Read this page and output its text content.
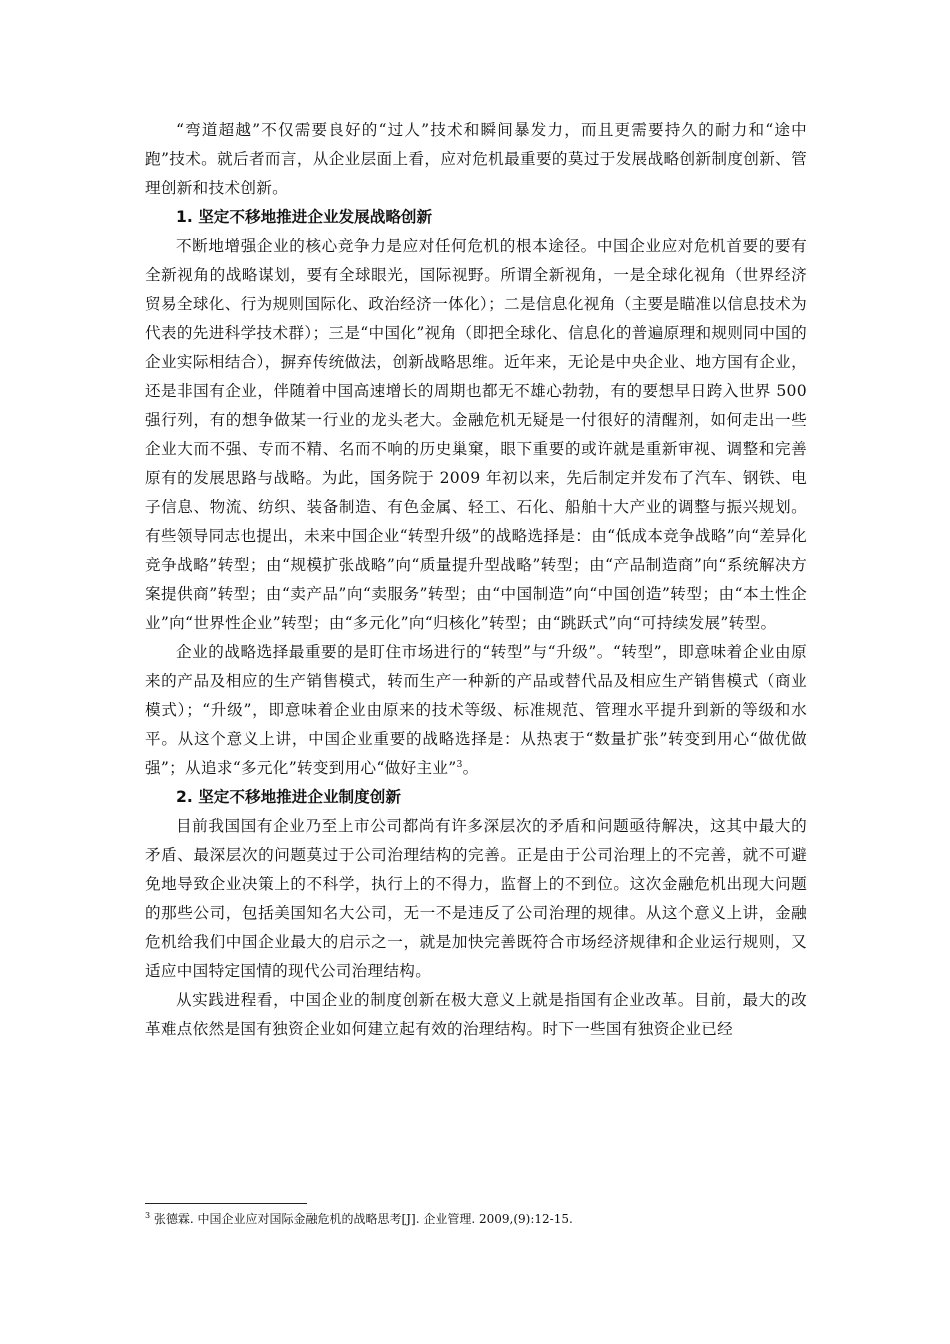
“弯道超越”不仅需要良好的“过人”技术和瞬间暴发力，而且更需要持久的耐力和“途中跑”技术。就后者而言，从企业层面上看，应对危机最重要的莫过于发展战略创新制度创新、管理创新和技术创新。

1. 坚定不移地推进企业发展战略创新

不断地增强企业的核心竞争力是应对任何危机的根本途径。中国企业应对危机首要的要有全新视角的战略谋划，要有全球眼光，国际视野。所谓全新视角，一是全球化视角（世界经济贸易全球化、行为规则国际化、政治经济一体化）；二是信息化视角（主要是瞄准以信息技术为代表的先进科学技术群）；三是“中国化”视角（即把全球化、信息化的普遍原理和规则同中国的企业实际相结合），摒弃传统做法，创新战略思维。近年来，无论是中央企业、地方国有企业，还是非国有企业，伴随着中国高速增长的周期也都无不雄心勃勃，有的要想早日跨入世界 500 强行列，有的想争做某一行业的龙头老大。金融危机无疑是一付很好的清醒剂，如何走出一些企业大而不强、专而不精、名而不响的历史巢窠，眼下重要的或许就是重新审视、调整和完善原有的发展思路与战略。为此，国务院于 2009 年初以来，先后制定并发布了汽车、钢铁、电子信息、物流、纺织、装备制造、有色金属、轻工、石化、船舶十大产业的调整与振兴规划。有些领导同志也提出，未来中国企业“转型升级”的战略选择是：由“低成本竞争战略”向“差异化竞争战略”转型；由“规模扩张战略”向“质量提升型战略”转型；由“产品制造商”向“系统解决方案提供商”转型；由“卖产品”向“卖服务”转型；由“中国制造”向“中国创造”转型；由“本土性企业”向“世界性企业”转型；由“多元化”向“归核化”转型；由“跳跃式”向“可持续发展”转型。

企业的战略选择最重要的是盯住市场进行的“转型”与“升级”。“转型”，即意味着企业由原来的产品及相应的生产销售模式，转而生产一种新的产品或替代品及相应生产销售模式（商业模式）；“升级”，即意味着企业由原来的技术等级、标准规范、管理水平提升到新的等级和水平。从这个意义上讲，中国企业重要的战略选择是：从热衷于“数量扩张”转变到用心“做优做强”；从追求“多元化”转变到用心“做好主业”$^3$。

2. 坚定不移地推进企业制度创新

目前我国国有企业乃至上市公司都尚有许多深层次的矛盾和问题亟待解决，这其中最大的矛盾、最深层次的问题莫过于公司治理结构的完善。正是由于公司治理上的不完善，就不可避免地导致企业决策上的不科学，执行上的不得力，监督上的不到位。这次金融危机出现大问题的那些公司，包括美国知名大公司，无一不是违反了公司治理的规律。从这个意义上讲，金融危机给我们中国企业最大的启示之一，就是加快完善既符合市场经济规律和企业运行规则，又适应中国特定国情的现代公司治理结构。

从实践进程看，中国企业的制度创新在极大意义上就是指国有企业改革。目前，最大的改革难点依然是国有独资企业如何建立起有效的治理结构。时下一些国有独资企业已经

$^3$ 张德霖. 中国企业应对国际金融危机的战略思考[J]. 企业管理. 2009,(9):12-15.
